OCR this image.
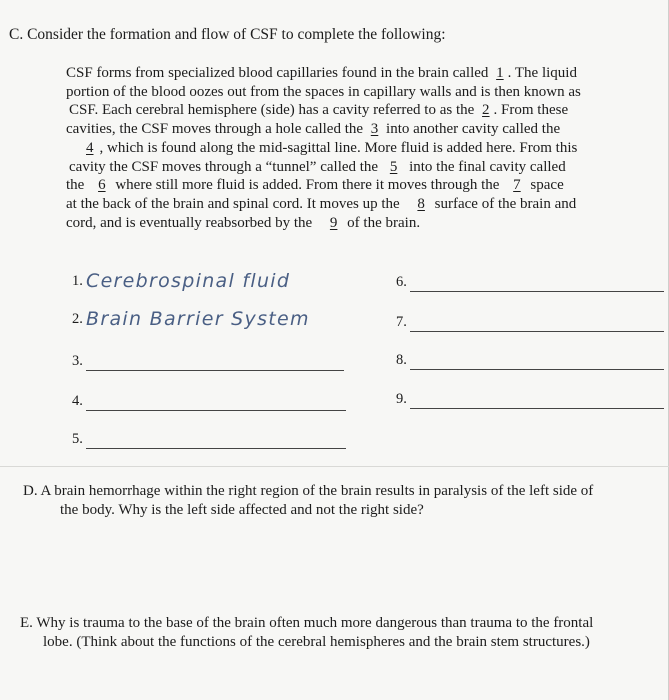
C. Consider the formation and flow of CSF to complete the following:
CSF forms from specialized blood capillaries found in the brain called 1 . The liquid
portion of the blood oozes out from the spaces in capillary walls and is then known as
CSF. Each cerebral hemisphere (side) has a cavity referred to as the 2 . From these
cavities, the CSF moves through a hole called the 3 into another cavity called the
4 , which is found along the mid-sagittal line. More fluid is added here. From this
cavity the CSF moves through a “tunnel” called the 5 into the final cavity called
the 6 where still more fluid is added. From there it moves through the 7 space
at the back of the brain and spinal cord. It moves up the 8 surface of the brain and
cord, and is eventually reabsorbed by the 9 of the brain.
1. Cerebrospinal fluid
2. Brain Barrier System
3.
4.
5.
6.
7.
8.
9.
D. A brain hemorrhage within the right region of the brain results in paralysis of the left side of
the body. Why is the left side affected and not the right side?
E. Why is trauma to the base of the brain often much more dangerous than trauma to the frontal
lobe. (Think about the functions of the cerebral hemispheres and the brain stem structures.)
